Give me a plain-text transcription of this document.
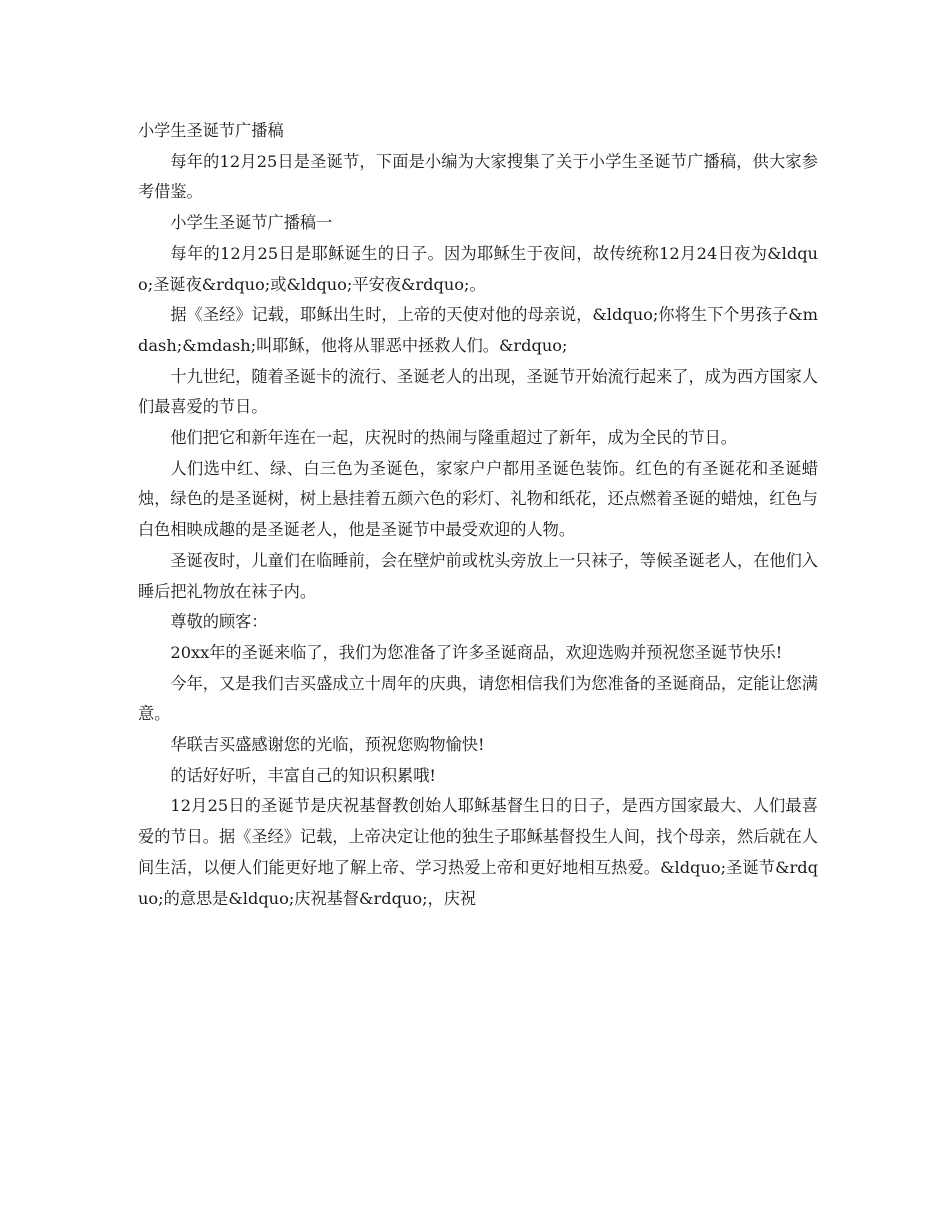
小学生圣诞节广播稿

每年的12月25日是圣诞节，下面是小编为大家搜集了关于小学生圣诞节广播稿，供大家参考借鉴。

小学生圣诞节广播稿一

每年的12月25日是耶稣诞生的日子。因为耶稣生于夜间，故传统称12月24日夜为&ldquo;圣诞夜&rdquo;或&ldquo;平安夜&rdquo;。

据《圣经》记载，耶稣出生时，上帝的天使对他的母亲说，&ldquo;你将生下个男孩子&mdash;&mdash;叫耶稣，他将从罪恶中拯救人们。&rdquo;

十九世纪，随着圣诞卡的流行、圣诞老人的出现，圣诞节开始流行起来了，成为西方国家人们最喜爱的节日。

他们把它和新年连在一起，庆祝时的热闹与隆重超过了新年，成为全民的节日。

人们选中红、绿、白三色为圣诞色，家家户户都用圣诞色装饰。红色的有圣诞花和圣诞蜡烛，绿色的是圣诞树，树上悬挂着五颜六色的彩灯、礼物和纸花，还点燃着圣诞的蜡烛，红色与白色相映成趣的是圣诞老人，他是圣诞节中最受欢迎的人物。

圣诞夜时，儿童们在临睡前，会在壁炉前或枕头旁放上一只袜子，等候圣诞老人，在他们入睡后把礼物放在袜子内。

尊敬的顾客：

20xx年的圣诞来临了，我们为您准备了许多圣诞商品，欢迎选购并预祝您圣诞节快乐!

今年，又是我们吉买盛成立十周年的庆典，请您相信我们为您准备的圣诞商品，定能让您满意。

华联吉买盛感谢您的光临，预祝您购物愉快!

的话好好听，丰富自己的知识积累哦!

12月25日的圣诞节是庆祝基督教创始人耶稣基督生日的日子，是西方国家最大、人们最喜爱的节日。据《圣经》记载，上帝决定让他的独生子耶稣基督投生人间，找个母亲，然后就在人间生活，以便人们能更好地了解上帝、学习热爱上帝和更好地相互热爱。&ldquo;圣诞节&rdquo;的意思是&ldquo;庆祝基督&rdquo;，庆祝
